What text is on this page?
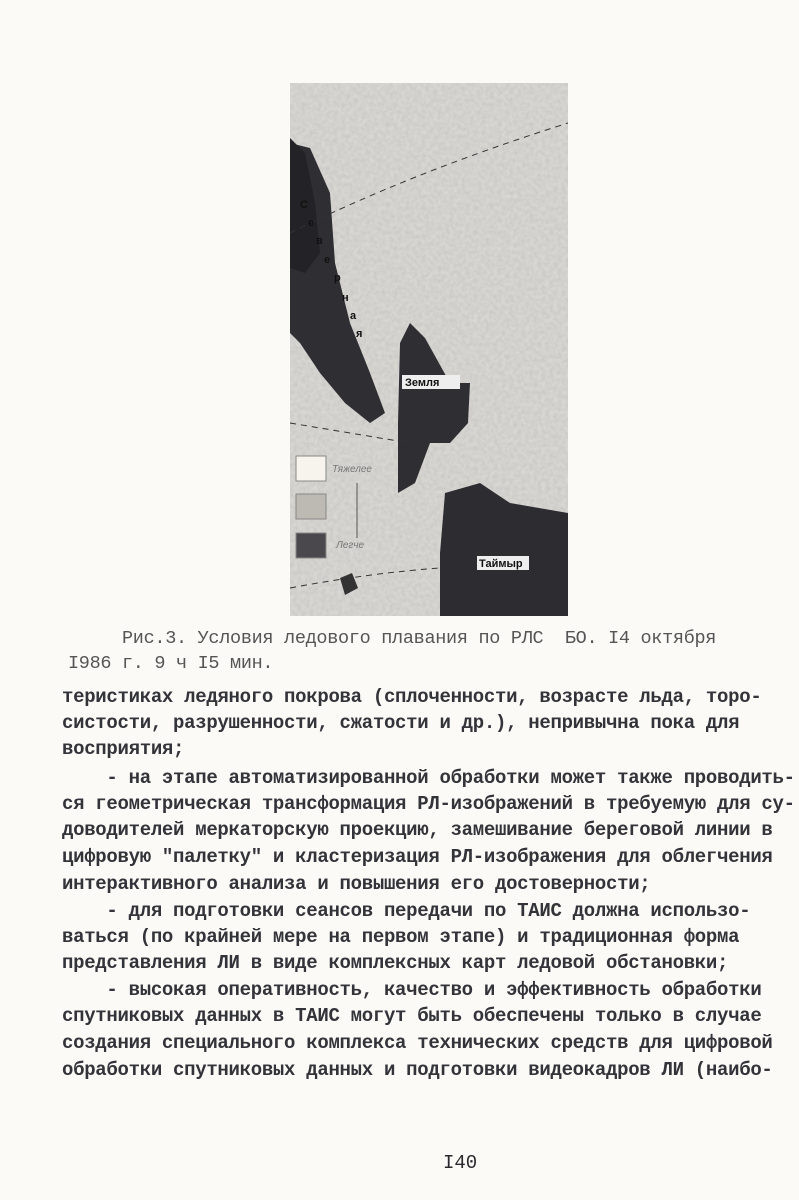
Тяжелее
Легче
С
е
в
е
р
н
а
я
Земля
Таймыр
Рис.3. Условия ледового плавания по РЛС  БО. I4 октября
I986 г. 9 ч I5 мин.
теристиках ледяного покрова (сплоченности, возрасте льда, торо-
систости, разрушенности, сжатости и др.), непривычна пока для
восприятия;
- на этапе автоматизированной обработки может также проводить-
ся геометрическая трансформация РЛ-изображений в требуемую для су-
доводителей меркаторскую проекцию, замешивание береговой линии в
цифровую "палетку" и кластеризация РЛ-изображения для облегчения
интерактивного анализа и повышения его достоверности;
- для подготовки сеансов передачи по ТАИС должна использо-
ваться (по крайней мере на первом этапе) и традиционная форма
представления ЛИ в виде комплексных карт ледовой обстановки;
- высокая оперативность, качество и эффективность обработки
спутниковых данных в ТАИС могут быть обеспечены только в случае
создания специального комплекса технических средств для цифровой
обработки спутниковых данных и подготовки видеокадров ЛИ (наибо-
I40
